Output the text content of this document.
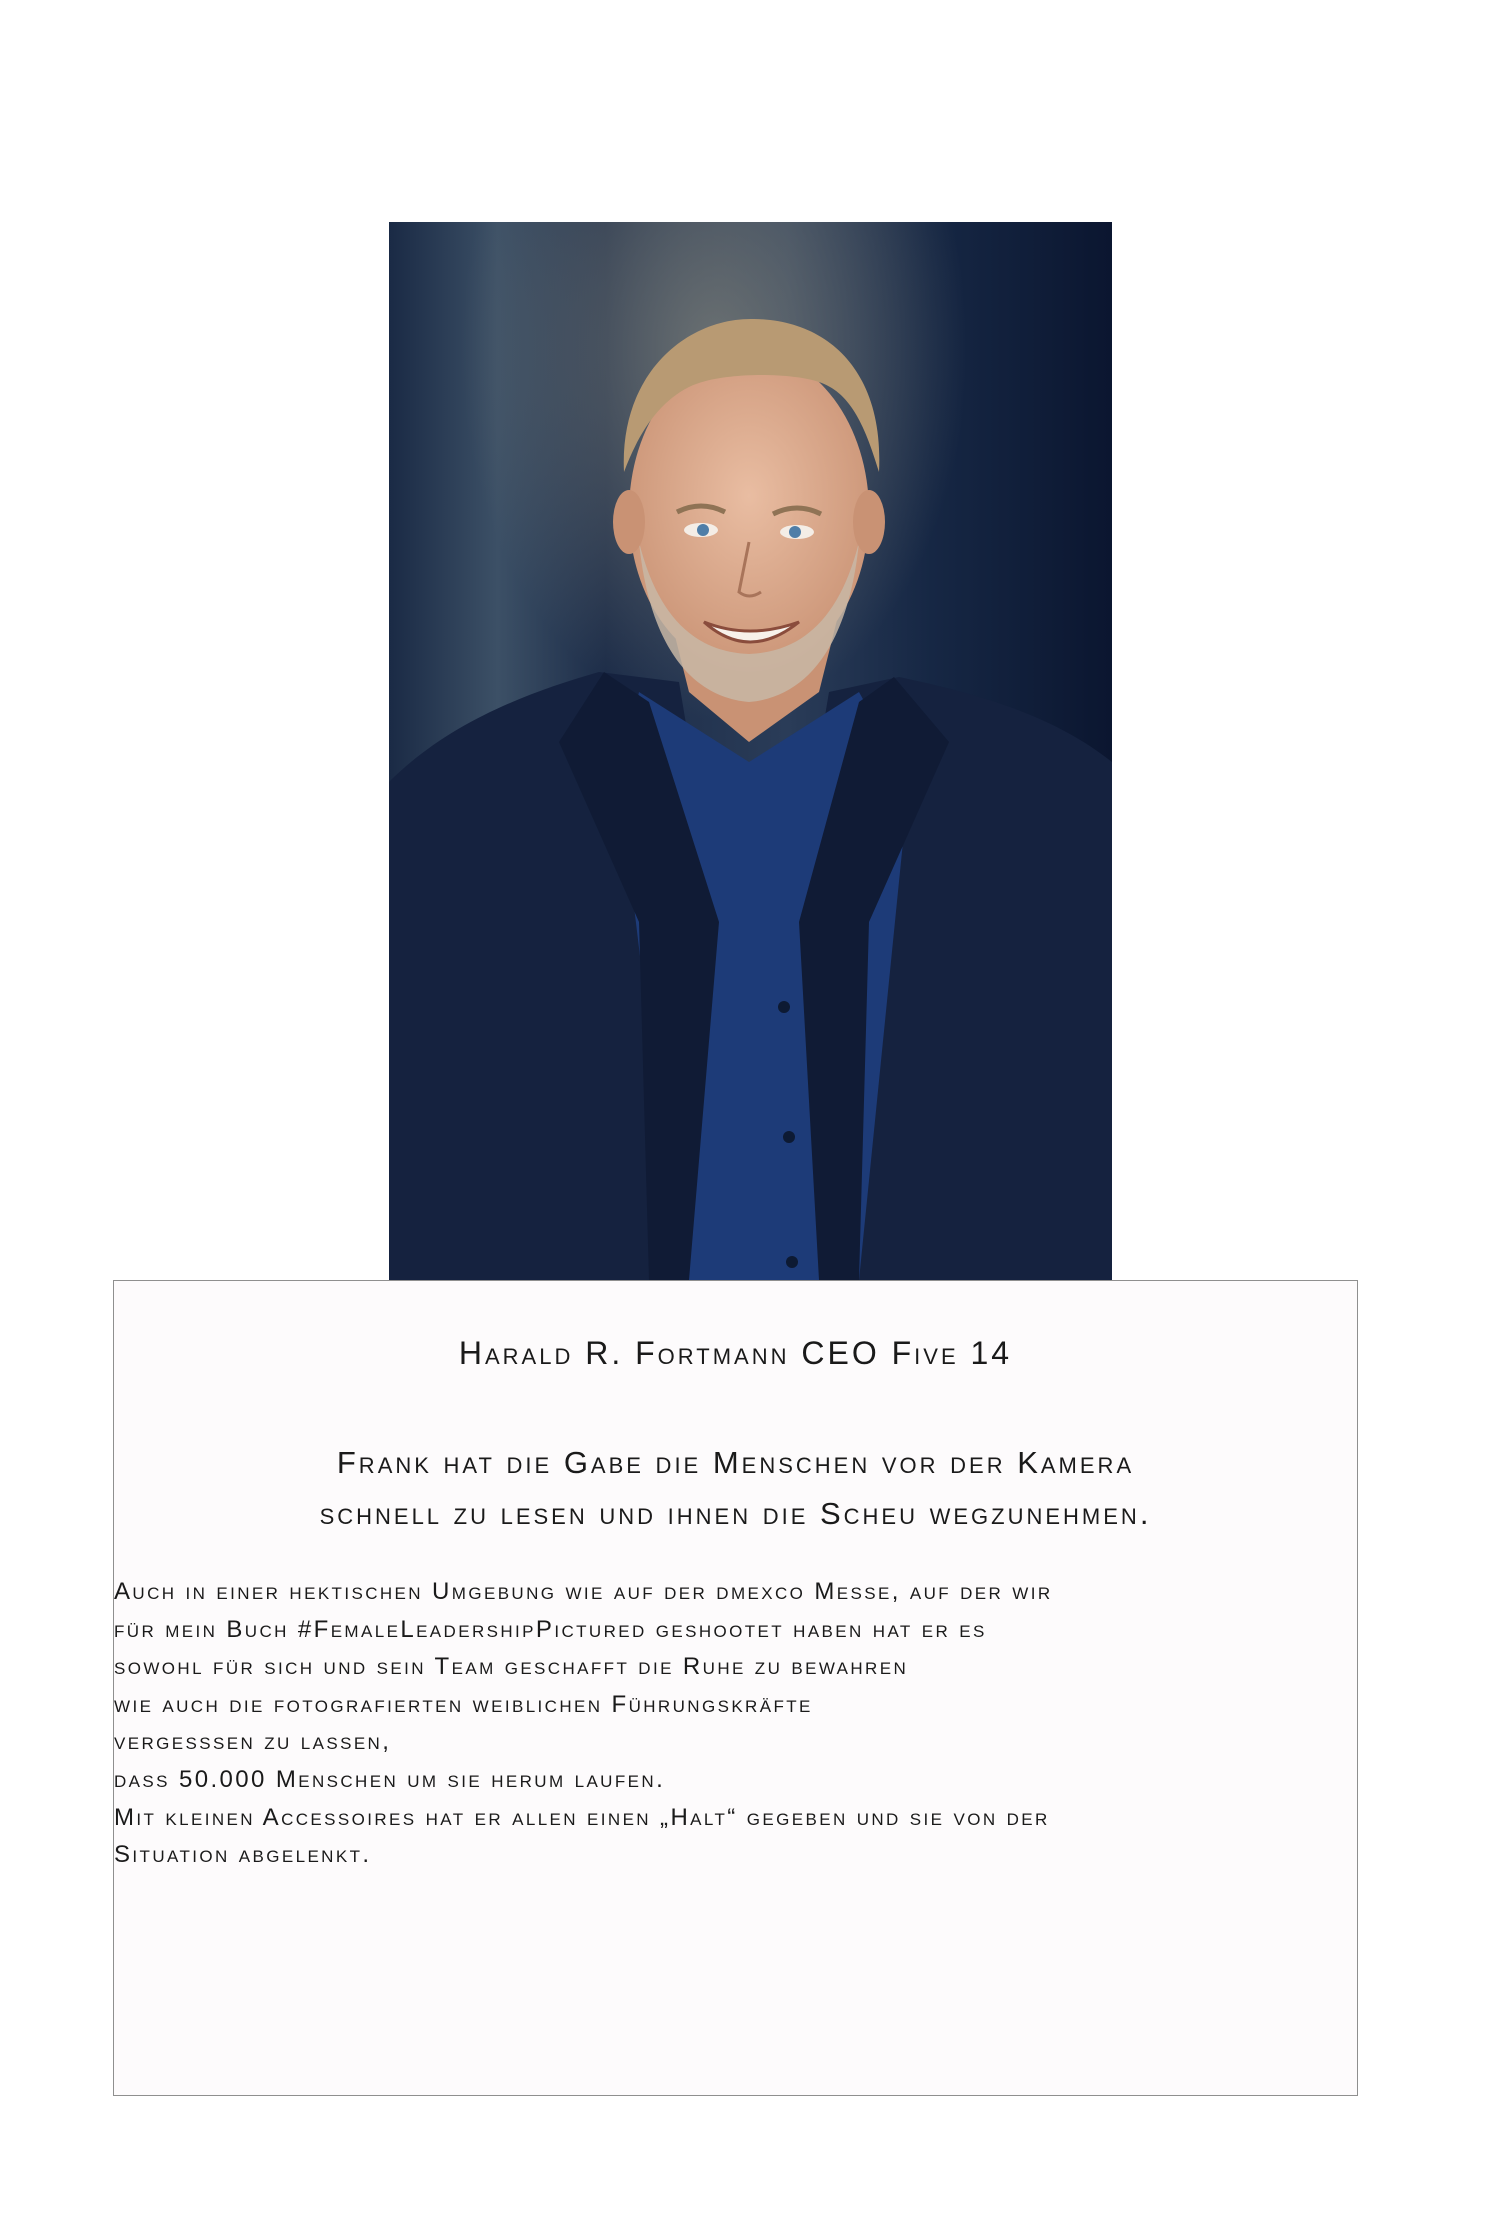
Harald R. Fortmann CEO Five 14

Frank hat die Gabe die Menschen vor der Kamera
schnell zu lesen und ihnen die Scheu wegzunehmen.

Auch in einer hektischen Umgebung wie auf der dmexco Messe, auf der wir
für mein Buch #FemaleLeadershipPictured geshootet haben hat er es
sowohl für sich und sein Team geschafft die Ruhe zu bewahren
wie auch die fotografierten weiblichen Führungskräfte
vergesssen zu lassen,
dass 50.000 Menschen um sie herum laufen.
Mit kleinen Accessoires hat er allen einen „Halt“ gegeben und sie von der
Situation abgelenkt.
